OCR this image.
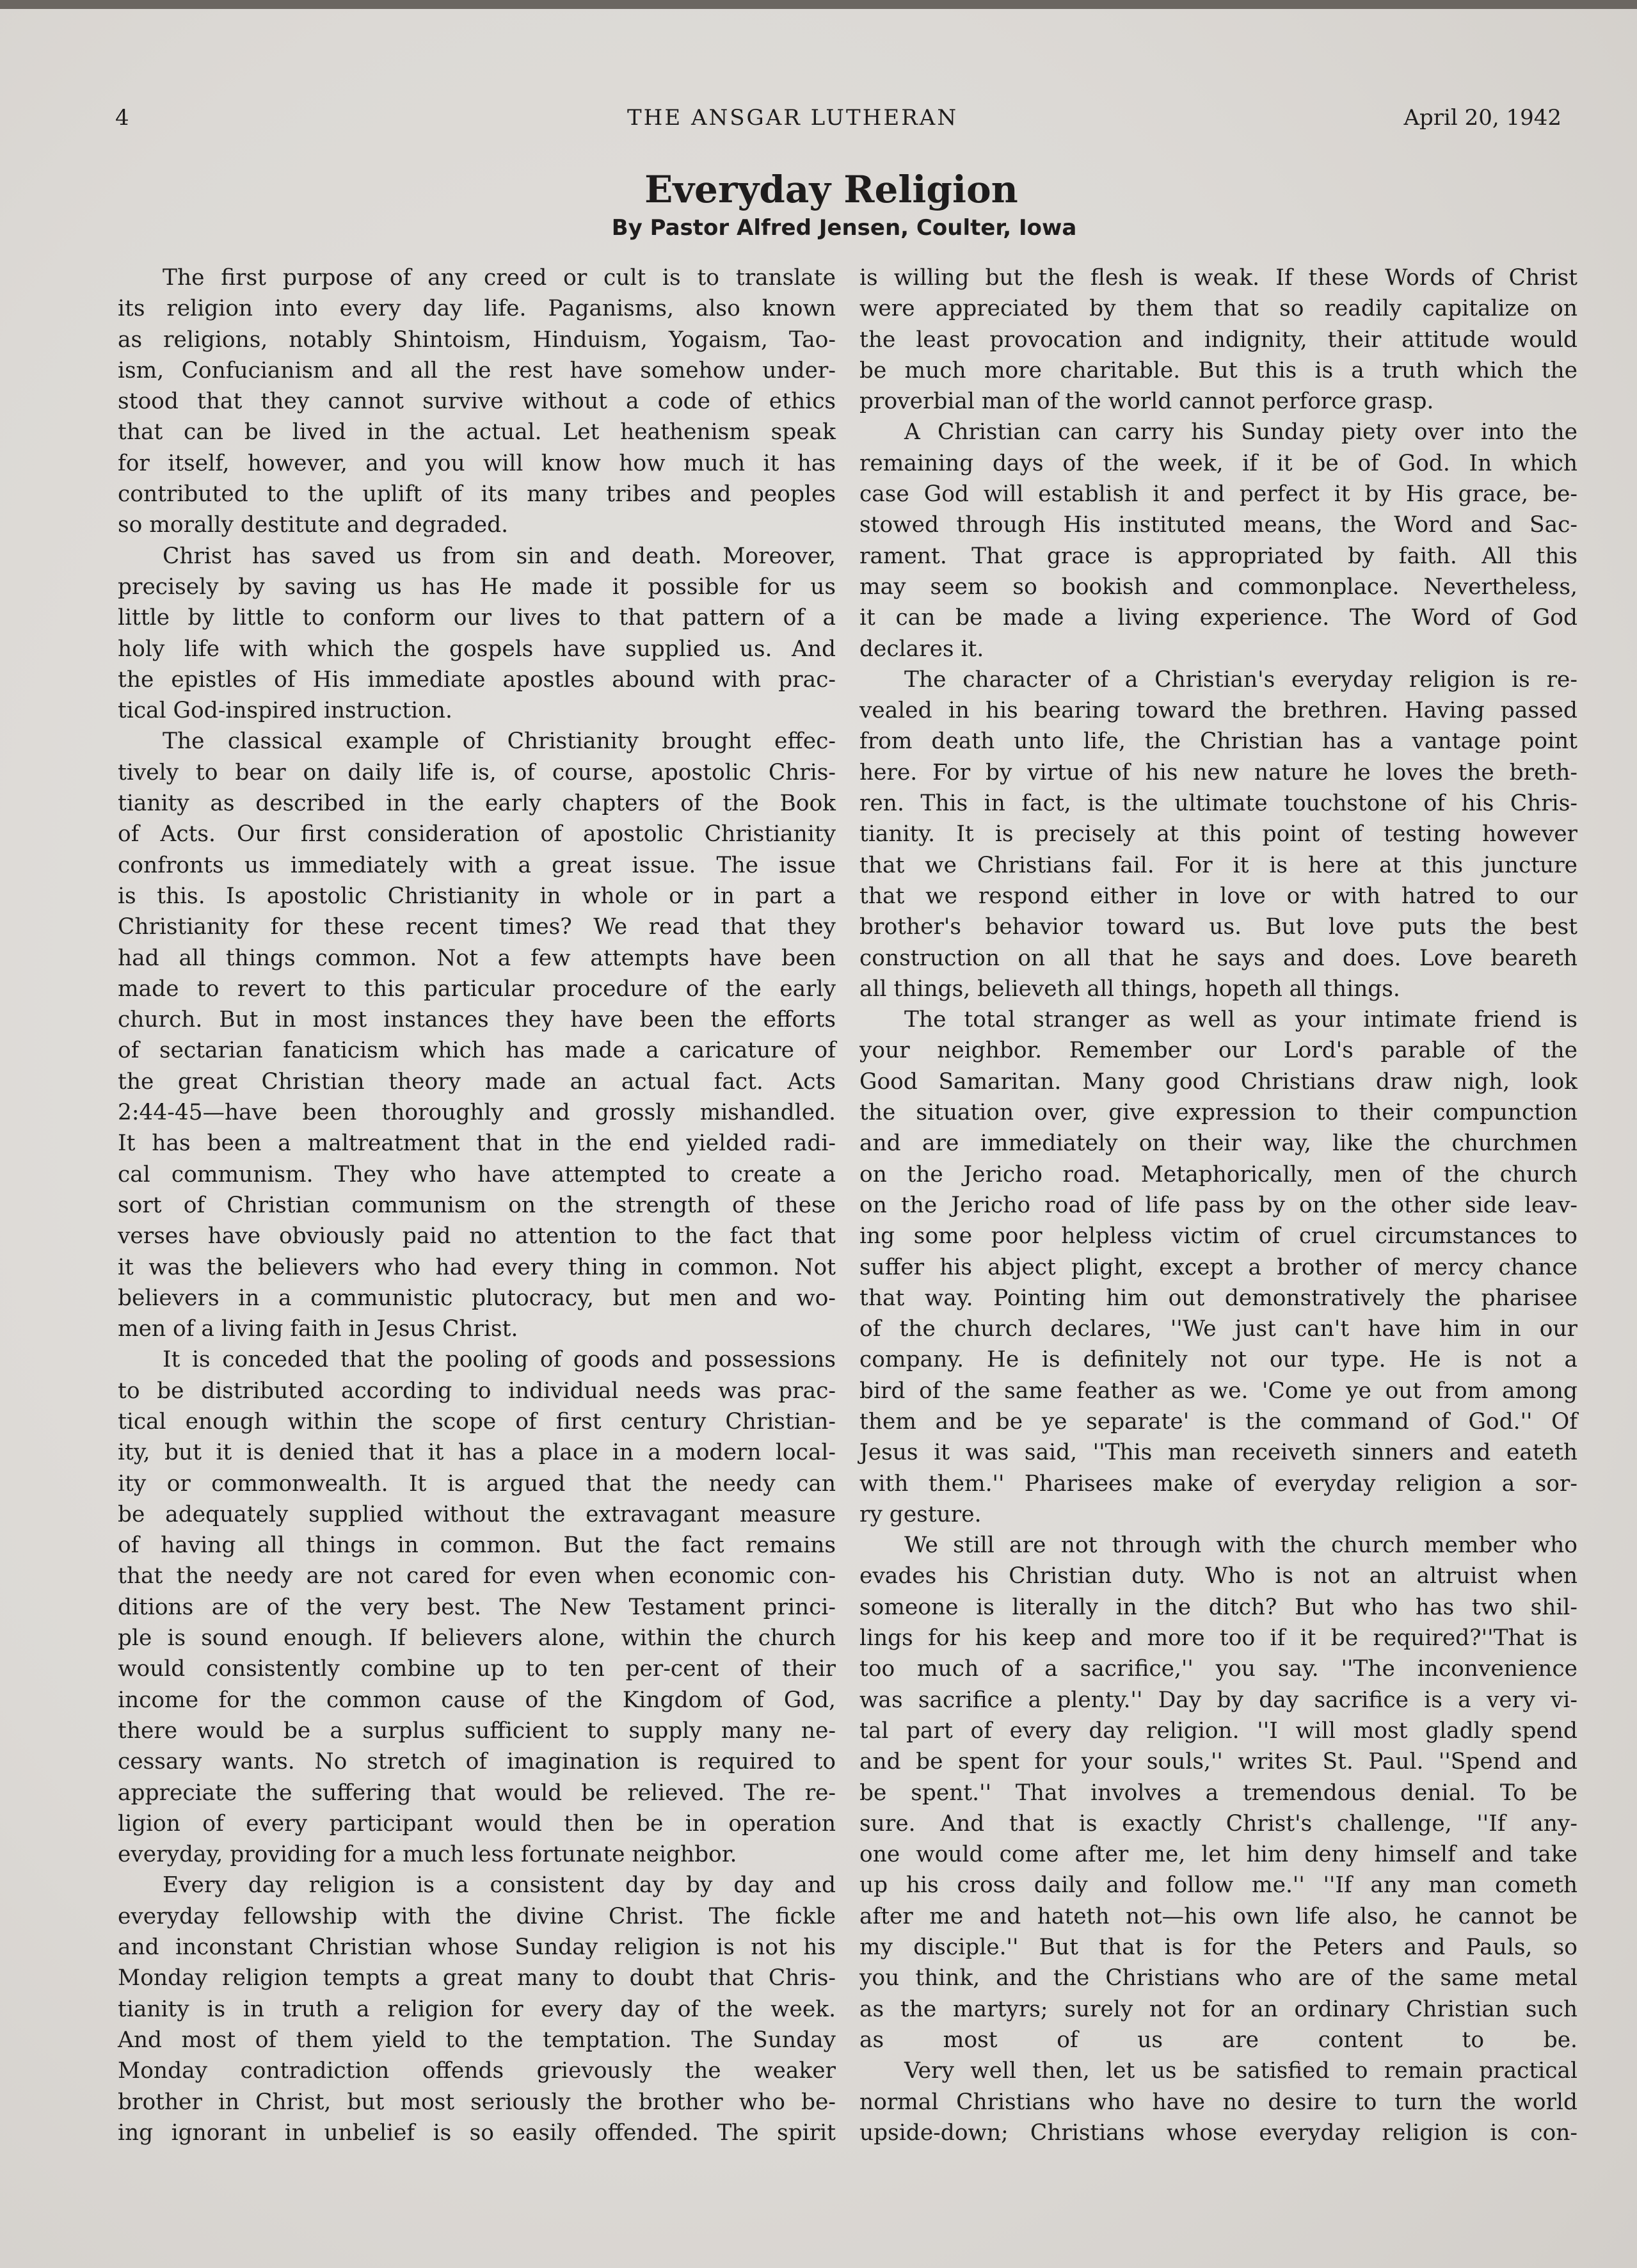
4	THE ANSGAR LUTHERAN	April 20, 1942
Everyday Religion
By Pastor Alfred Jensen, Coulter, Iowa

The first purpose of any creed or cult is to translate

its religion into every day life. Paganisms, also known

as religions, notably Shintoism, Hinduism, Yogaism, Tao-

ism, Confucianism and all the rest have somehow under-

stood that they cannot survive without a code of ethics

that can be lived in the actual. Let heathenism speak

for itself, however, and you will know how much it has

contributed to the uplift of its many tribes and peoples

so morally destitute and degraded.

Christ has saved us from sin and death. Moreover,

precisely by saving us has He made it possible for us

little by little to conform our lives to that pattern of a

holy life with which the gospels have supplied us. And

the epistles of His immediate apostles abound with prac-

tical God-inspired instruction.

The classical example of Christianity brought effec-

tively to bear on daily life is, of course, apostolic Chris-

tianity as described in the early chapters of the Book

of Acts. Our first consideration of apostolic Christianity

confronts us immediately with a great issue. The issue

is this. Is apostolic Christianity in whole or in part a

Christianity for these recent times? We read that they

had all things common. Not a few attempts have been

made to revert to this particular procedure of the early

church. But in most instances they have been the efforts

of sectarian fanaticism which has made a caricature of

the great Christian theory made an actual fact. Acts

2:44-45—have been thoroughly and grossly mishandled.

It has been a maltreatment that in the end yielded radi-

cal communism. They who have attempted to create a

sort of Christian communism on the strength of these

verses have obviously paid no attention to the fact that

it was the believers who had every thing in common. Not

believers in a communistic plutocracy, but men and wo-

men of a living faith in Jesus Christ.

It is conceded that the pooling of goods and possessions

to be distributed according to individual needs was prac-

tical enough within the scope of first century Christian-

ity, but it is denied that it has a place in a modern local-

ity or commonwealth. It is argued that the needy can

be adequately supplied without the extravagant measure

of having all things in common. But the fact remains

that the needy are not cared for even when economic con-

ditions are of the very best. The New Testament princi-

ple is sound enough. If believers alone, within the church

would consistently combine up to ten per-cent of their

income for the common cause of the Kingdom of God,

there would be a surplus sufficient to supply many ne-

cessary wants. No stretch of imagination is required to

appreciate the suffering that would be relieved. The re-

ligion of every participant would then be in operation

everyday, providing for a much less fortunate neighbor.

Every day religion is a consistent day by day and

everyday fellowship with the divine Christ. The fickle

and inconstant Christian whose Sunday religion is not his

Monday religion tempts a great many to doubt that Chris-

tianity is in truth a religion for every day of the week.

And most of them yield to the temptation. The Sunday

Monday contradiction offends grievously the weaker

brother in Christ, but most seriously the brother who be-

ing ignorant in unbelief is so easily offended. The spirit

is willing but the flesh is weak. If these Words of Christ

were appreciated by them that so readily capitalize on

the least provocation and indignity, their attitude would

be much more charitable. But this is a truth which the

proverbial man of the world cannot perforce grasp.

A Christian can carry his Sunday piety over into the

remaining days of the week, if it be of God. In which

case God will establish it and perfect it by His grace, be-

stowed through His instituted means, the Word and Sac-

rament. That grace is appropriated by faith. All this

may seem so bookish and commonplace. Nevertheless,

it can be made a living experience. The Word of God

declares it.

The character of a Christian's everyday religion is re-

vealed in his bearing toward the brethren. Having passed

from death unto life, the Christian has a vantage point

here. For by virtue of his new nature he loves the breth-

ren. This in fact, is the ultimate touchstone of his Chris-

tianity. It is precisely at this point of testing however

that we Christians fail. For it is here at this juncture

that we respond either in love or with hatred to our

brother's behavior toward us. But love puts the best

construction on all that he says and does. Love beareth

all things, believeth all things, hopeth all things.

The total stranger as well as your intimate friend is

your neighbor. Remember our Lord's parable of the

Good Samaritan. Many good Christians draw nigh, look

the situation over, give expression to their compunction

and are immediately on their way, like the churchmen

on the Jericho road. Metaphorically, men of the church

on the Jericho road of life pass by on the other side leav-

ing some poor helpless victim of cruel circumstances to

suffer his abject plight, except a brother of mercy chance

that way. Pointing him out demonstratively the pharisee

of the church declares, ''We just can't have him in our

company. He is definitely not our type. He is not a

bird of the same feather as we. 'Come ye out from among

them and be ye separate' is the command of God.'' Of

Jesus it was said, ''This man receiveth sinners and eateth

with them.'' Pharisees make of everyday religion a sor-

ry gesture.

We still are not through with the church member who

evades his Christian duty. Who is not an altruist when

someone is literally in the ditch? But who has two shil-

lings for his keep and more too if it be required?''That is

too much of a sacrifice,'' you say. ''The inconvenience

was sacrifice a plenty.'' Day by day sacrifice is a very vi-

tal part of every day religion. ''I will most gladly spend

and be spent for your souls,'' writes St. Paul. ''Spend and

be spent.'' That involves a tremendous denial. To be

sure. And that is exactly Christ's challenge, ''If any-

one would come after me, let him deny himself and take

up his cross daily and follow me.'' ''If any man cometh

after me and hateth not—his own life also, he cannot be

my disciple.'' But that is for the Peters and Pauls, so

you think, and the Christians who are of the same metal

as the martyrs; surely not for an ordinary Christian such

as most of us are content to be.

Very well then, let us be satisfied to remain practical

normal Christians who have no desire to turn the world

upside-down; Christians whose everyday religion is con-
